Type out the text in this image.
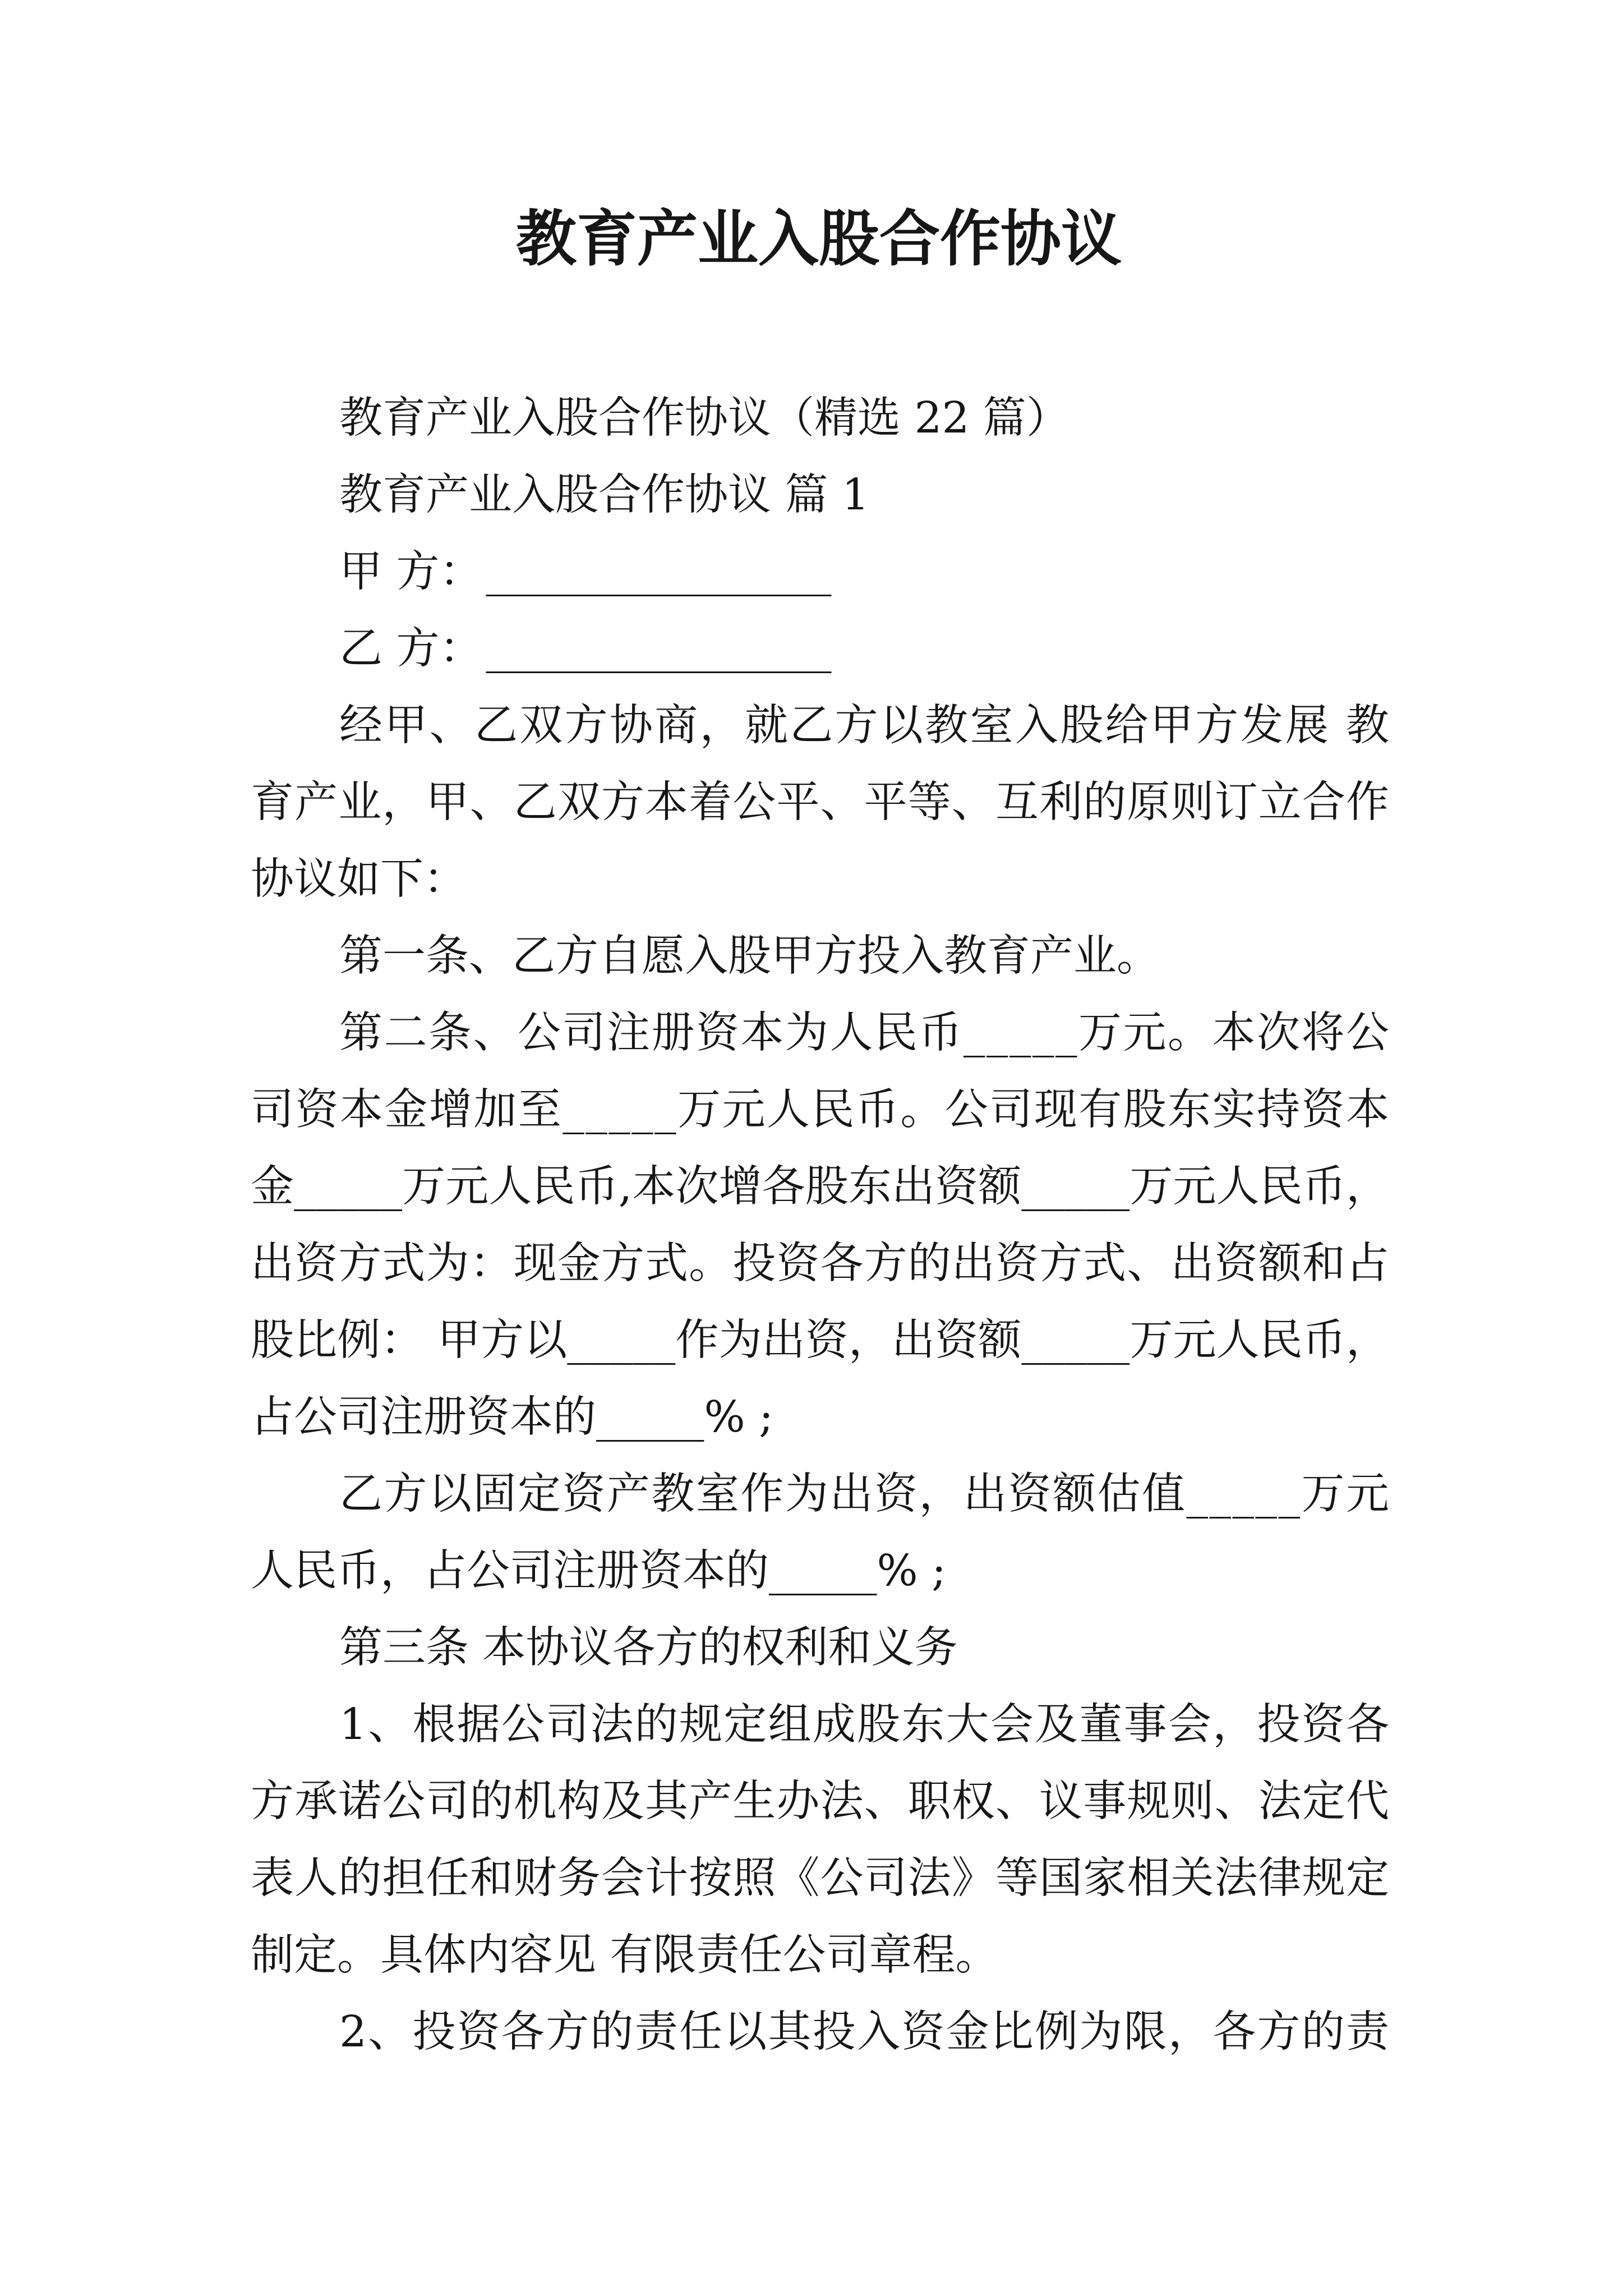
教育产业入股合作协议
教育产业入股合作协议（精选 22 篇）
教育产业入股合作协议 篇 1
甲 方：________________
乙 方：________________
经甲、乙双方协商，就乙方以教室入股给甲方发展 教
育产业，甲、乙双方本着公平、平等、互利的原则订立合作
协议如下：
第一条、乙方自愿入股甲方投入教育产业。
第二条、公司注册资本为人民币_____万元。本次将公
司资本金增加至_____万元人民币。公司现有股东实持资本
金_____万元人民币,本次增各股东出资额_____万元人民币，
出资方式为：现金方式。投资各方的出资方式、出资额和占
股比例： 甲方以_____作为出资，出资额_____万元人民币，
占公司注册资本的_____% ;
乙方以固定资产教室作为出资，出资额估值_____万元
人民币，占公司注册资本的_____% ;
第三条 本协议各方的权利和义务
1、根据公司法的规定组成股东大会及董事会，投资各
方承诺公司的机构及其产生办法、职权、议事规则、法定代
表人的担任和财务会计按照《公司法》等国家相关法律规定
制定。具体内容见 有限责任公司章程。
2、投资各方的责任以其投入资金比例为限，各方的责
